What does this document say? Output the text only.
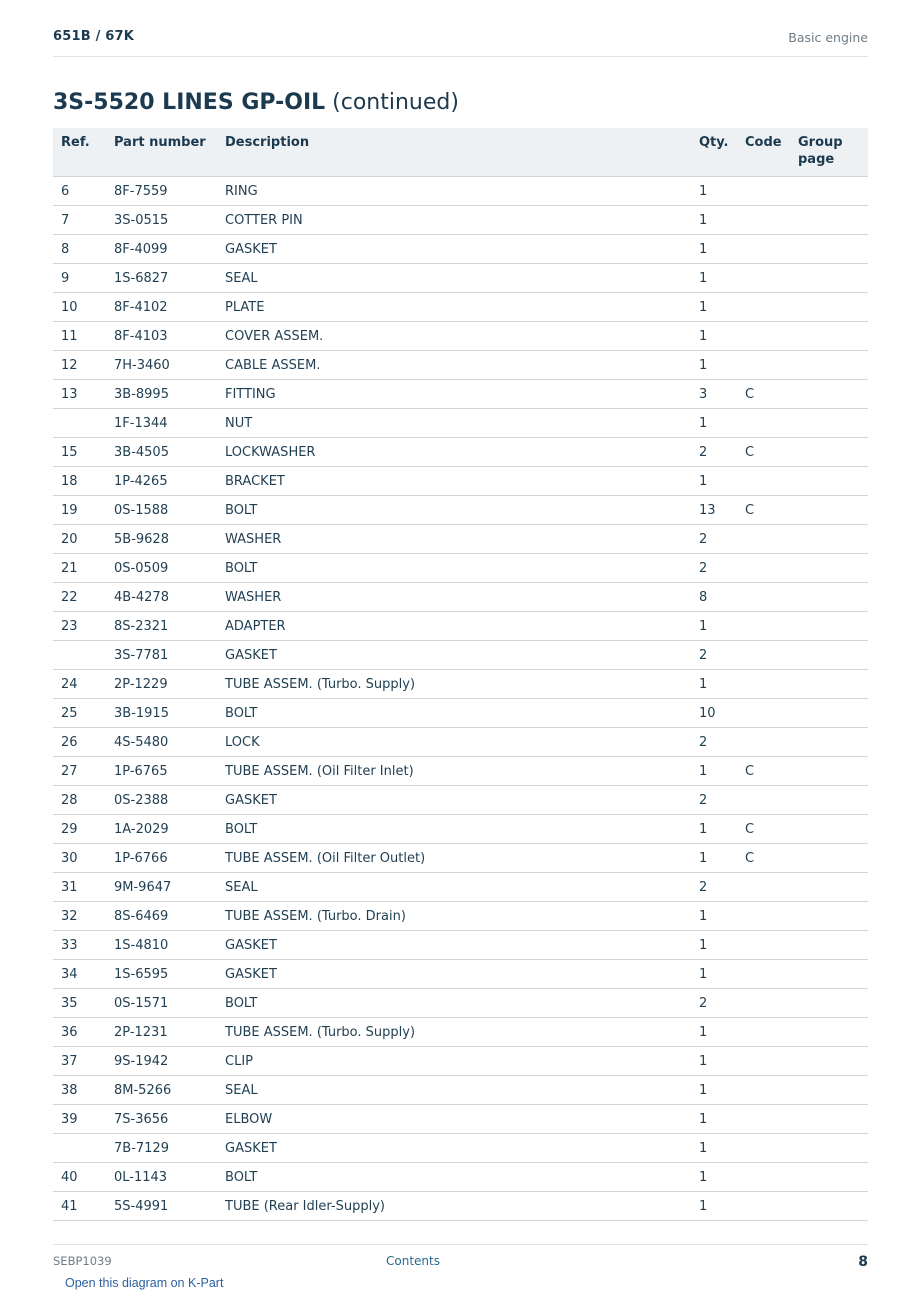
651B / 67K	Basic engine
3S-5520 LINES GP-OIL (continued)
Ref.	Part number	Description	Qty.	Code	Group page
6	8F-7559	RING	1		
7	3S-0515	COTTER PIN	1		
8	8F-4099	GASKET	1		
9	1S-6827	SEAL	1		
10	8F-4102	PLATE	1		
11	8F-4103	COVER ASSEM.	1		
12	7H-3460	CABLE ASSEM.	1		
13	3B-8995	FITTING	3	C	
	1F-1344	NUT	1		
15	3B-4505	LOCKWASHER	2	C	
18	1P-4265	BRACKET	1		
19	0S-1588	BOLT	13	C	
20	5B-9628	WASHER	2		
21	0S-0509	BOLT	2		
22	4B-4278	WASHER	8		
23	8S-2321	ADAPTER	1		
	3S-7781	GASKET	2		
24	2P-1229	TUBE ASSEM. (Turbo. Supply)	1		
25	3B-1915	BOLT	10		
26	4S-5480	LOCK	2		
27	1P-6765	TUBE ASSEM. (Oil Filter Inlet)	1	C	
28	0S-2388	GASKET	2		
29	1A-2029	BOLT	1	C	
30	1P-6766	TUBE ASSEM. (Oil Filter Outlet)	1	C	
31	9M-9647	SEAL	2		
32	8S-6469	TUBE ASSEM. (Turbo. Drain)	1		
33	1S-4810	GASKET	1		
34	1S-6595	GASKET	1		
35	0S-1571	BOLT	2		
36	2P-1231	TUBE ASSEM. (Turbo. Supply)	1		
37	9S-1942	CLIP	1		
38	8M-5266	SEAL	1		
39	7S-3656	ELBOW	1		
	7B-7129	GASKET	1		
40	0L-1143	BOLT	1		
41	5S-4991	TUBE (Rear Idler-Supply)	1		
SEBP1039	Contents	8
Open this diagram on K-Part
